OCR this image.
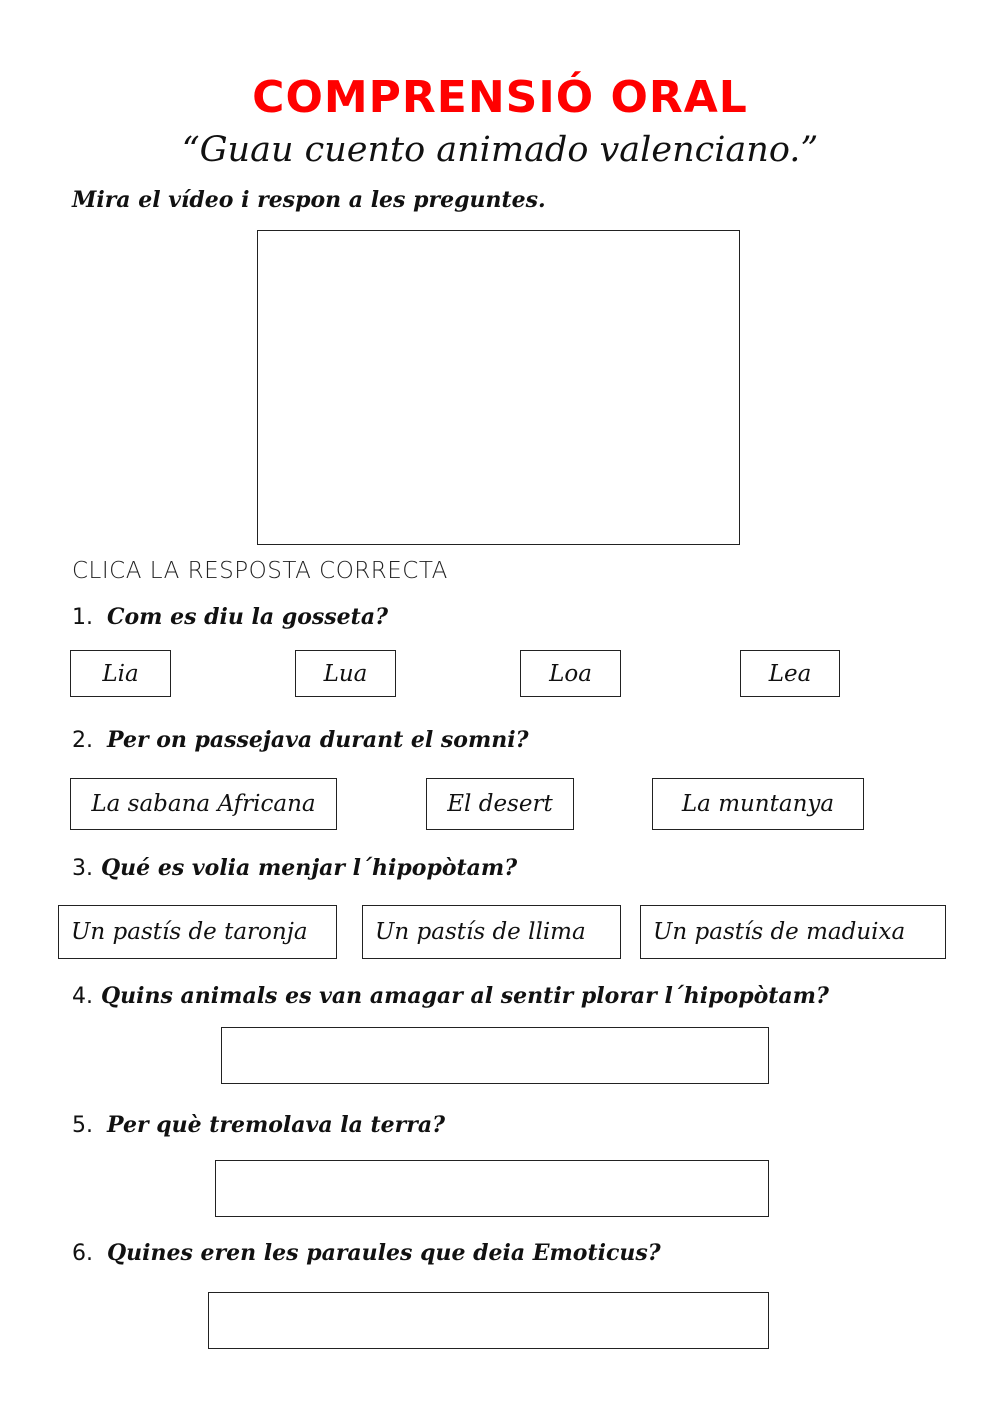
COMPRENSIÓ ORAL
“Guau cuento animado valenciano.”
Mira el vídeo i respon a les preguntes.
CLICA LA RESPOSTA CORRECTA
1. Com es diu la gosseta?
Lia	Lua	Loa	Lea
2. Per on passejava durant el somni?
La sabana Africana	El desert	La muntanya
3. Qué es volia menjar l´hipopòtam?
Un pastís de taronja	Un pastís de llima	Un pastís de maduixa
4. Quins animals es van amagar al sentir plorar l´hipopòtam?
5. Per què tremolava la terra?
6. Quines eren les paraules que deia Emoticus?
